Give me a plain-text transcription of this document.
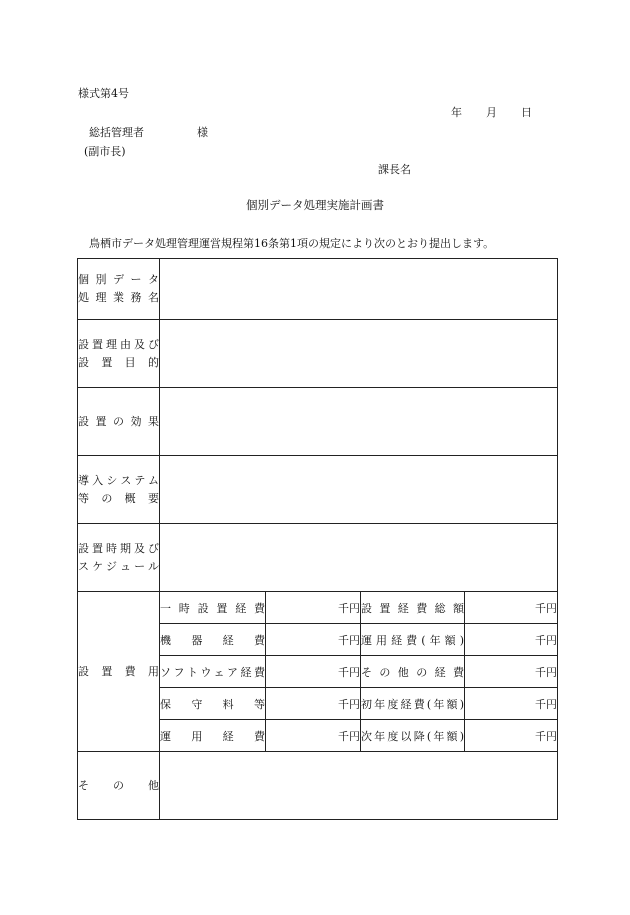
様式第4号
年 月 日
総括管理者	様
(副市長)
課長名
個別データ処理実施計画書
鳥栖市データ処理管理運営規程第16条第1項の規定により次のとおり提出します。
個別データ
処理業務名				

設置理由及び
設置目的				

設置の効果				

導入システム
等の概要				

設置時期及び
スケジュール				

設置費用	一時設置経費	千円	設置経費総額	千円

	機器経費	千円	運用経費(年額)	千円

	ソフトウェア経費	千円	その他の経費	千円

	保守料等	千円	初年度経費(年額)	千円

	運用経費	千円	次年度以降(年額)	千円

その他				
